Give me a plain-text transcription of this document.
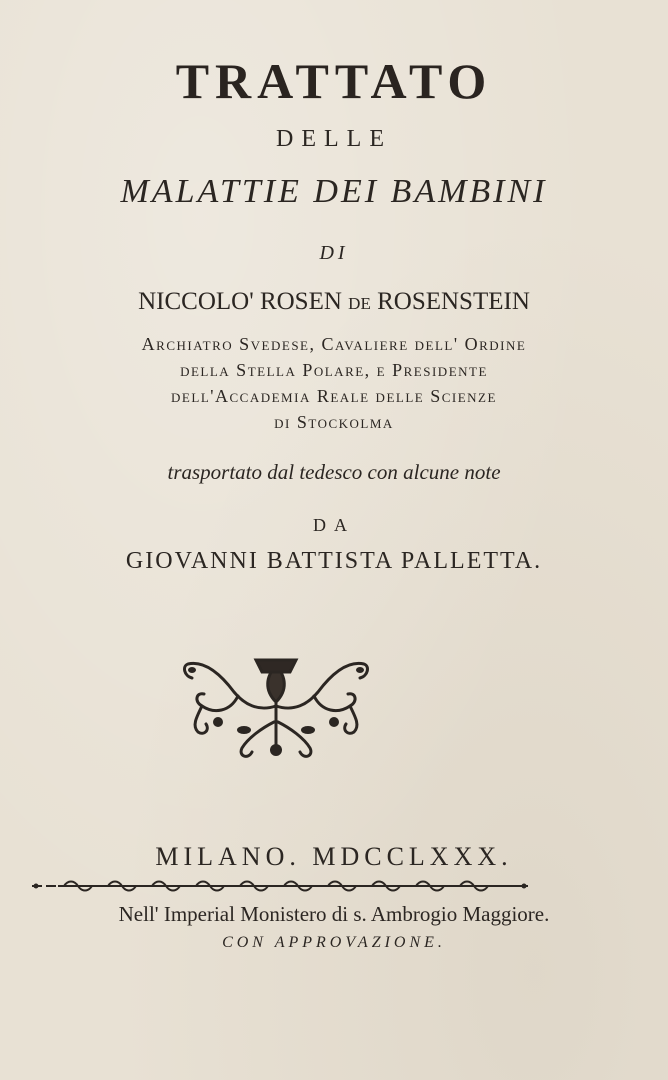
TRATTATO
DELLE
MALATTIE DEI BAMBINI
DI
NICCOLO' ROSEN DE ROSENSTEIN
Archiatro Svedese, Cavaliere dell' Ordine
della Stella Polare, e Presidente
dell'Accademia Reale delle Scienze
di Stockolma
trasportato dal tedesco con alcune note
DA
GIOVANNI BATTISTA PALLETTA.
MILANO. MDCCLXXX.
Nell' Imperial Monistero di s. Ambrogio Maggiore.
CON APPROVAZIONE.
